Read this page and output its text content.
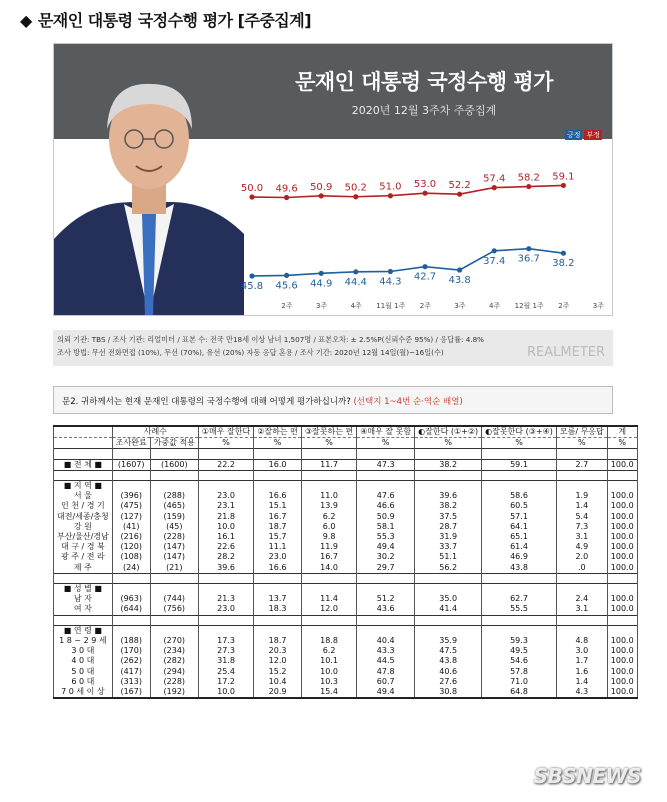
◆ 문재인 대통령 국정수행 평가 [주중집계]
문재인 대통령 국정수행 평가
2020년 12월 3주차 주중집계
긍정 부정
50.0 49.6 50.9 50.2 51.0 53.0 52.2
57.4 58.2 59.1
45.8 45.6 44.9 44.4 44.3 42.7 43.8
37.4 36.7 38.2
2주	3주	4주 11월 1주 2주	3주	4주 12월 1주 2주	3주
의뢰 기관: TBS / 조사 기관: 리얼미터 / 표본 수: 전국 만18세 이상 남녀 1,507명 / 표본오차: ± 2.5%P(신뢰수준 95%) / 응답률: 4.8%
조사 방법: 무선 전화면접 (10%), 무선 (70%), 유선 (20%) 자동 응답 혼용 / 조사 기간: 2020년 12월 14일(월)~16일(수)	REALMETER
문2. 귀하께서는 현재 문재인 대통령의 국정수행에 대해 어떻게 평가하십니까? (선택지 1~4번 순·역순 배열)
	사례수		①매우 잘한다	②잘하는 편	③잘못하는 편	④매우 잘 못함	◐잘한다 (①+②)	◐잘못한다 (③+④)	모름/ 무응답	계
	조사완료	가중값 적용	%	%	%	%	%	%	%	%

■ 전 체 ■	(1607)	(1600)	22.2	16.0	11.7	47.3	38.2	59.1	2.7	100.0

■ 지 역 ■										
서 울	(396)	(288)	23.0	16.6	11.0	47.6	39.6	58.6	1.9	100.0
인 천 / 경 기	(475)	(465)	23.1	15.1	13.9	46.6	38.2	60.5	1.4	100.0
대전/세종/충청	(127)	(159)	21.8	16.7	6.2	50.9	37.5	57.1	5.4	100.0
강 원	(41)	(45)	10.0	18.7	6.0	58.1	28.7	64.1	7.3	100.0
부산/울산/경남	(216)	(228)	16.1	15.7	9.8	55.3	31.9	65.1	3.1	100.0
대 구 / 경 북	(120)	(147)	22.6	11.1	11.9	49.4	33.7	61.4	4.9	100.0
광 주 / 전 라	(108)	(147)	28.2	23.0	16.7	30.2	51.1	46.9	2.0	100.0
제 주	(24)	(21)	39.6	16.6	14.0	29.7	56.2	43.8	.0	100.0

■ 성 별 ■										
남 자	(963)	(744)	21.3	13.7	11.4	51.2	35.0	62.7	2.4	100.0
여 자	(644)	(756)	23.0	18.3	12.0	43.6	41.4	55.5	3.1	100.0

■ 연 령 ■										
1 8 ~ 2 9 세	(188)	(270)	17.3	18.7	18.8	40.4	35.9	59.3	4.8	100.0
3 0 대	(170)	(234)	27.3	20.3	6.2	43.3	47.5	49.5	3.0	100.0
4 0 대	(262)	(282)	31.8	12.0	10.1	44.5	43.8	54.6	1.7	100.0
5 0 대	(417)	(294)	25.4	15.2	10.0	47.8	40.6	57.8	1.6	100.0
6 0 대	(313)	(228)	17.2	10.4	10.3	60.7	27.6	71.0	1.4	100.0
7 0 세 이 상	(167)	(192)	10.0	20.9	15.4	49.4	30.8	64.8	4.3	100.0
SBSNEWS
